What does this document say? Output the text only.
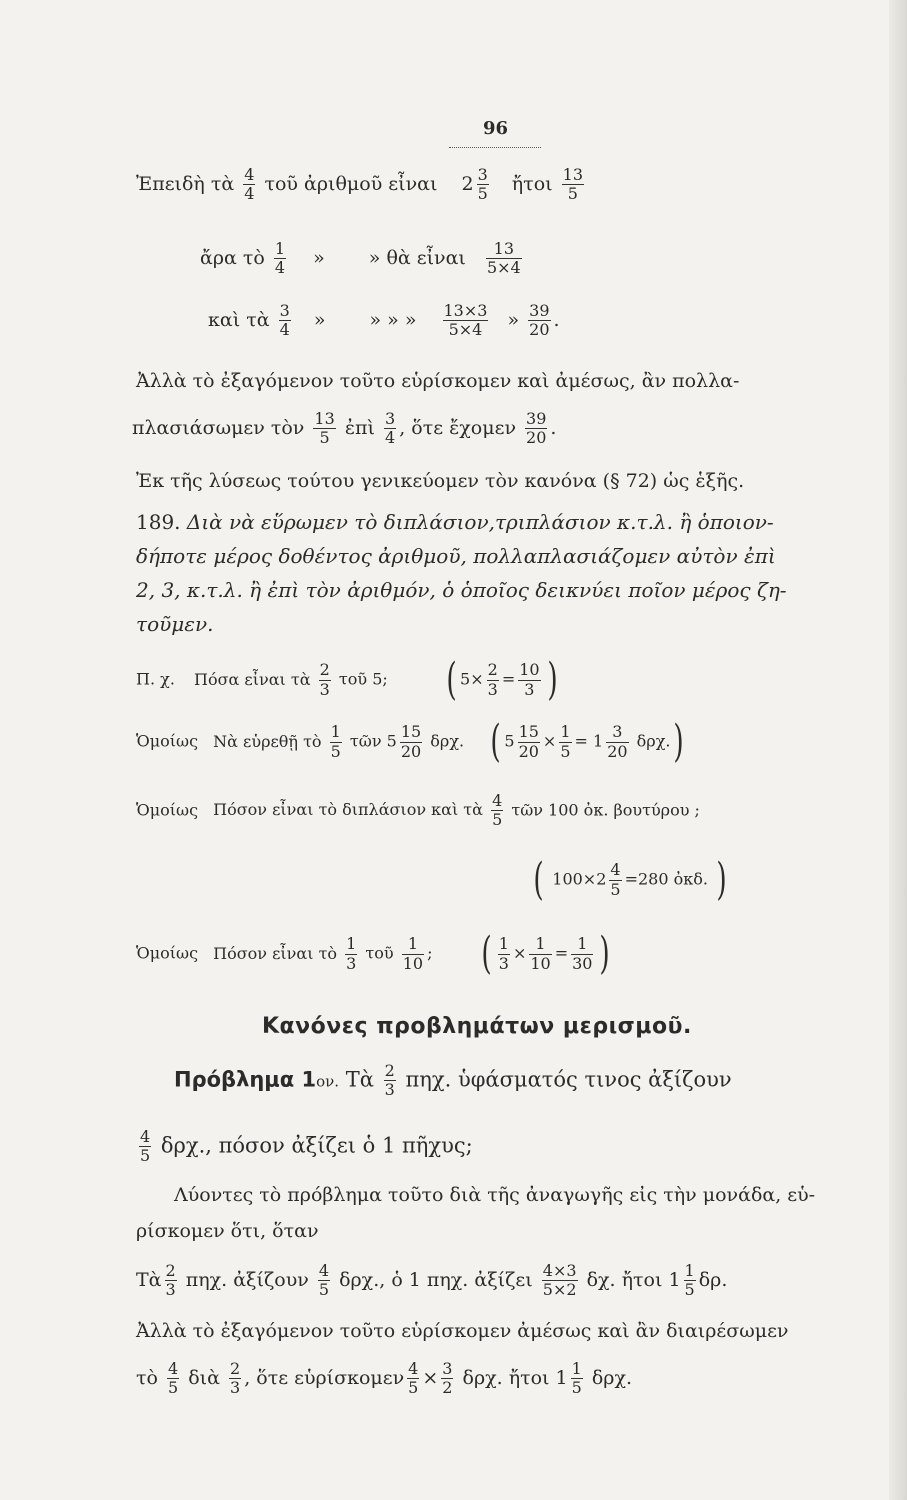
96
Ἐπειδὴ τὰ $\frac{4}{4}$ τοῦ ἀριθμοῦ εἶναι $2 \frac{3}{5}$ ἤτοι $\frac{13}{5}$
ἄρα τὸ $\frac{1}{4}$ » » θὰ εἶναι $\frac{13}{5\times 4}$
καὶ τὰ $\frac{3}{4}$ » » » » $\frac{13\times 3}{5\times 4}$ » $\frac{39}{20}$ .
Ἀλλὰ τὸ ἐξαγόμενον τοῦτο εὑρίσκομεν καὶ ἀμέσως, ἂν πολλα-
πλασιάσωμεν τὸν $\frac{13}{5}$ ἐπὶ $\frac{3}{4}$ , ὅτε ἔχομεν $\frac{39}{20}$ .
Ἐκ τῆς λύσεως τούτου γενικεύομεν τὸν κανόνα (§ 72) ὡς ἑξῆς.
189. Διὰ νὰ εὕρωμεν τὸ διπλάσιον,τριπλάσιον κ.τ.λ. ἢ ὁποιον-
δήποτε μέρος δοθέντος ἀριθμοῦ, πολλαπλασιάζομεν αὐτὸν ἐπὶ
2, 3, κ.τ.λ. ἢ ἐπὶ τὸν ἀριθμόν, ὁ ὁποῖος δεικνύει ποῖον μέρος ζη-
τοῦμεν.
Π. χ. Πόσα εἶναι τὰ $\frac{2}{3}$ τοῦ 5; ( $5\times \frac{2}{3} = \frac{10}{3}$ )
Ὁμοίως Νὰ εὑρεθῇ τὸ $\frac{1}{5}$ τῶν $5 \frac{15}{20} \delta\rho\chi$. ( $5 \frac{15}{20} \times \frac{1}{5} = 1 \frac{3}{20} \delta\rho\chi$.)
Ὁμοίως Πόσον εἶναι τὸ διπλάσιον καὶ τὰ $\frac{4}{5}$ τῶν 100 ὀκ. βουτύρου ;
( $100\times 2 \frac{4}{5} =280$ ὀκδ. )
Ὁμοίως Πόσον εἶναι τὸ $\frac{1}{3}$ τοῦ $\frac{1}{10}$ ; ( $\frac{1}{3} \times \frac{1}{10} = \frac{1}{30}$ )
Κανόνες προβλημάτων μερισμοῦ.
Πρόβλημα 1ον. Τὰ $\frac{2}{3} \pi\eta\chi$. ὑφάσματός τινος ἀξίζουν
$\frac{4}{5} \delta\rho\chi$., πόσον ἀξίζει ὁ 1 πῆχυς;
Λύοντες τὸ πρόβλημα τοῦτο διὰ τῆς ἀναγωγῆς εἰς τὴν μονάδα, εὑ-
ρίσκομεν ὅτι, ὅταν
Τὰ $\frac{2}{3} \pi\eta\chi$. ἀξίζουν $\frac{4}{5} \delta\rho\chi$., ὁ 1 πηχ. ἀξίζει $\frac{4\times 3}{5\times 2} \delta\chi$. ἤτοι $1 \frac{1}{5} \delta\rho$.
Ἀλλὰ τὸ ἐξαγόμενον τοῦτο εὑρίσκομεν ἀμέσως καὶ ἂν διαιρέσωμεν
τὸ $\frac{4}{5}$ διὰ $\frac{2}{3}$ , ὅτε εὑρίσκομεν $\frac{4}{5} \times \frac{3}{2} \delta\rho\chi$. ἤτοι $1 \frac{1}{5} \delta\rho\chi$.
